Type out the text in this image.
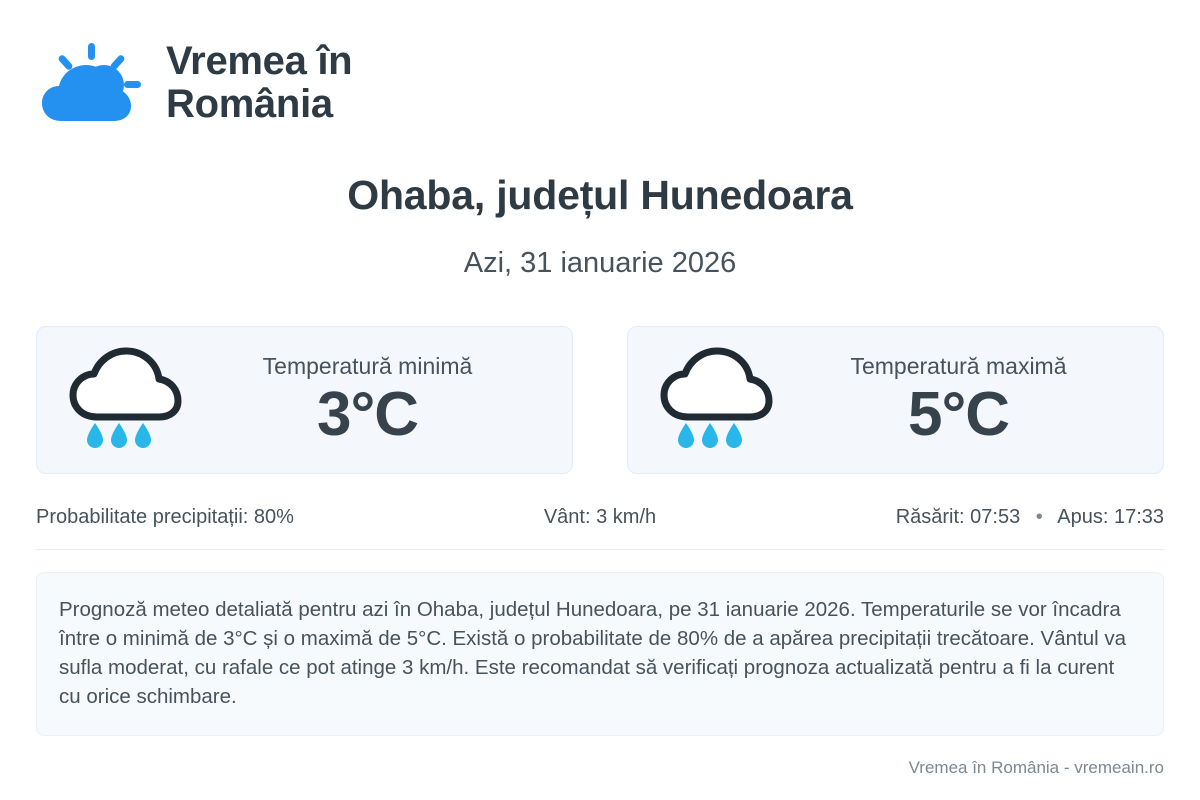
Vremea în România
Ohaba, județul Hunedoara
Azi, 31 ianuarie 2026
Temperatură minimă
3°C
Temperatură maximă
5°C
Probabilitate precipitații: 80%	Vânt: 3 km/h	Răsărit: 07:53 • Apus: 17:33
Prognoză meteo detaliată pentru azi în Ohaba, județul Hunedoara, pe 31 ianuarie 2026. Temperaturile se vor încadra între o minimă de 3°C și o maximă de 5°C. Există o probabilitate de 80% de a apărea precipitații trecătoare. Vântul va sufla moderat, cu rafale ce pot atinge 3 km/h. Este recomandat să verificați prognoza actualizată pentru a fi la curent cu orice schimbare.
Vremea în România - vremeain.ro
